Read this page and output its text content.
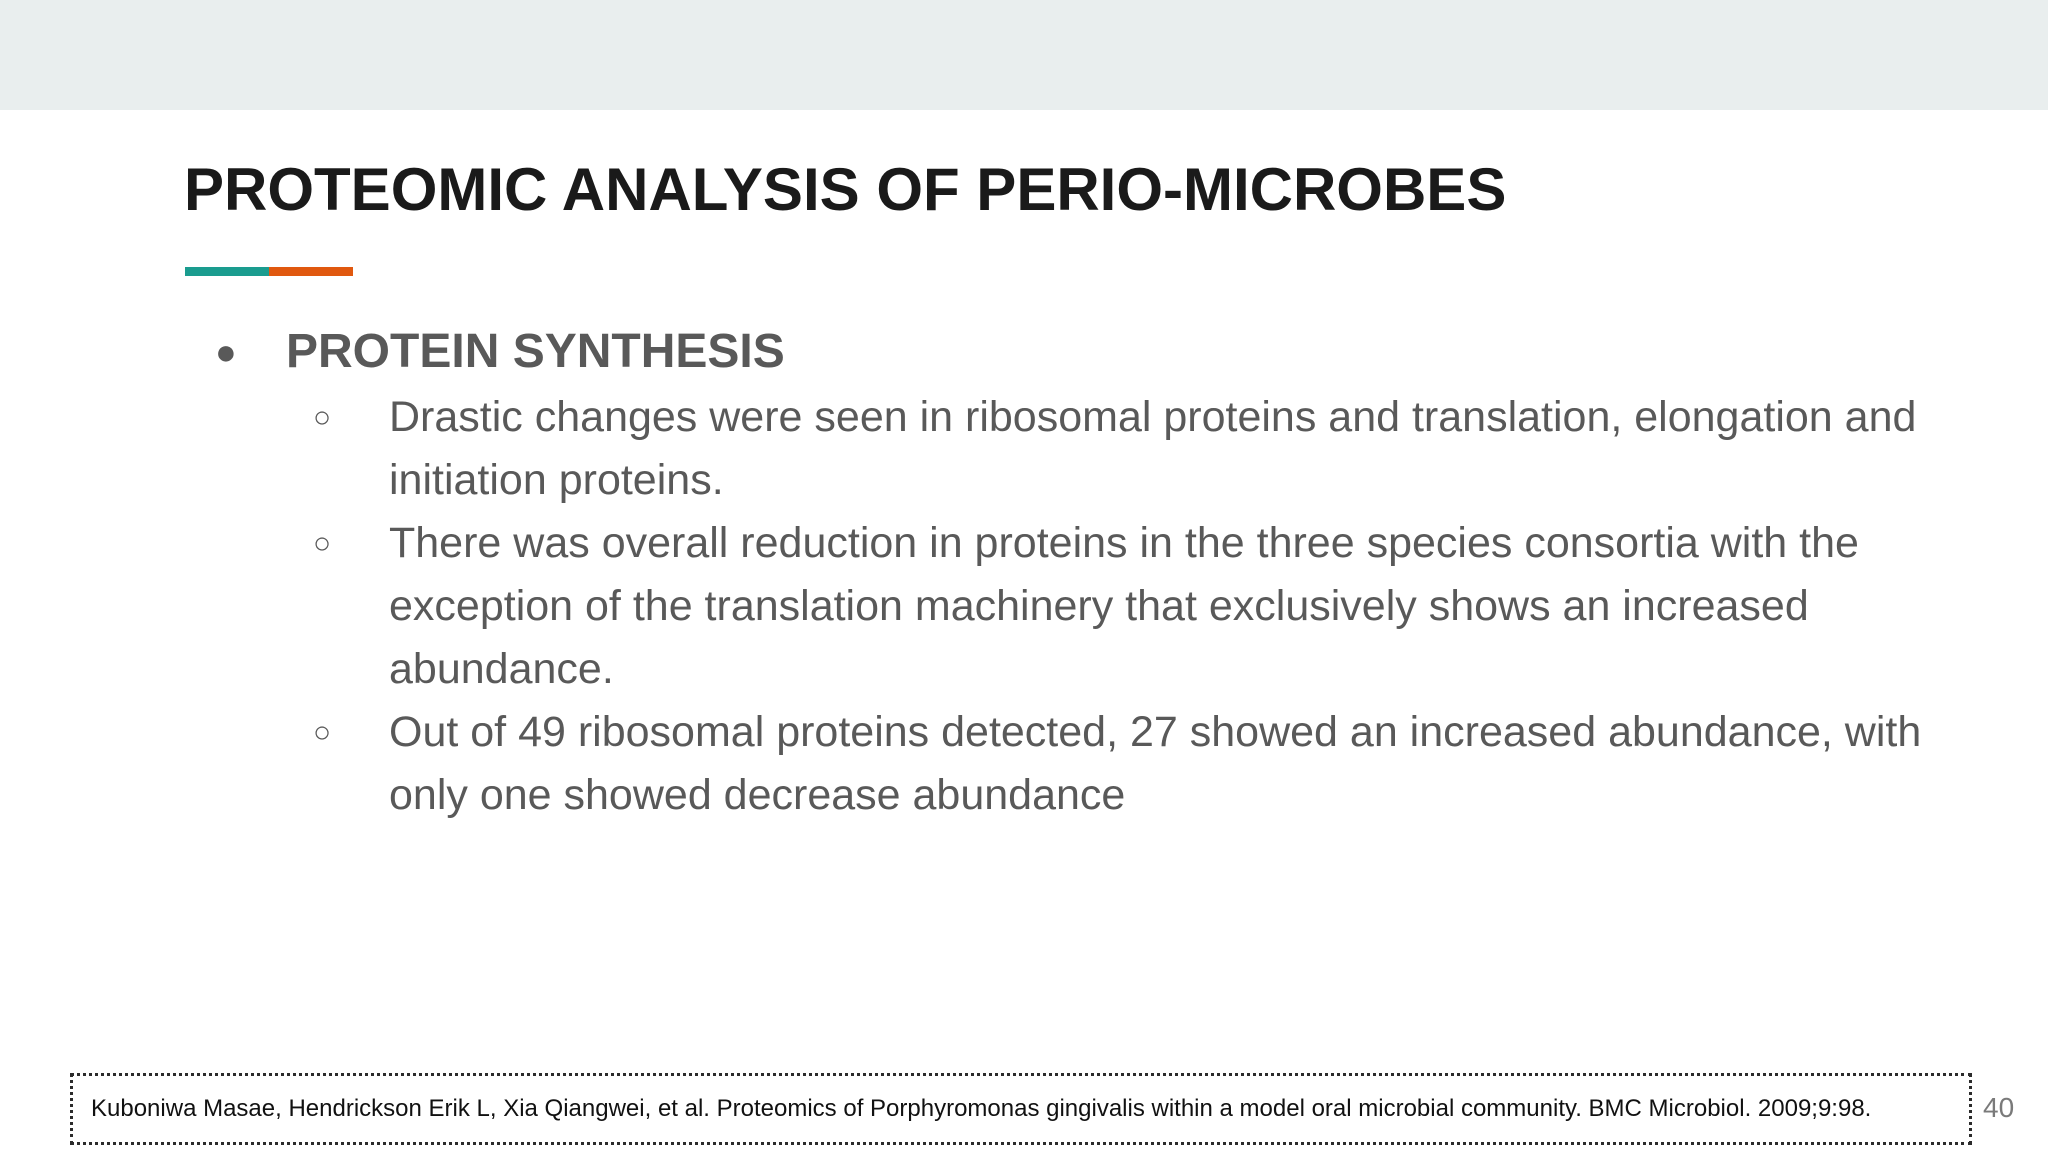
PROTEOMIC ANALYSIS OF PERIO-MICROBES
● PROTEIN SYNTHESIS
○ Drastic changes were seen in ribosomal proteins and translation, elongation and initiation proteins.
○ There was overall reduction in proteins in the three species consortia with the exception of the translation machinery that exclusively shows an increased abundance.
○ Out of 49 ribosomal proteins detected, 27 showed an increased abundance, with only one showed decrease abundance
Kuboniwa Masae, Hendrickson Erik L, Xia Qiangwei, et al. Proteomics of Porphyromonas gingivalis within a model oral microbial community. BMC Microbiol. 2009;9:98.	40
